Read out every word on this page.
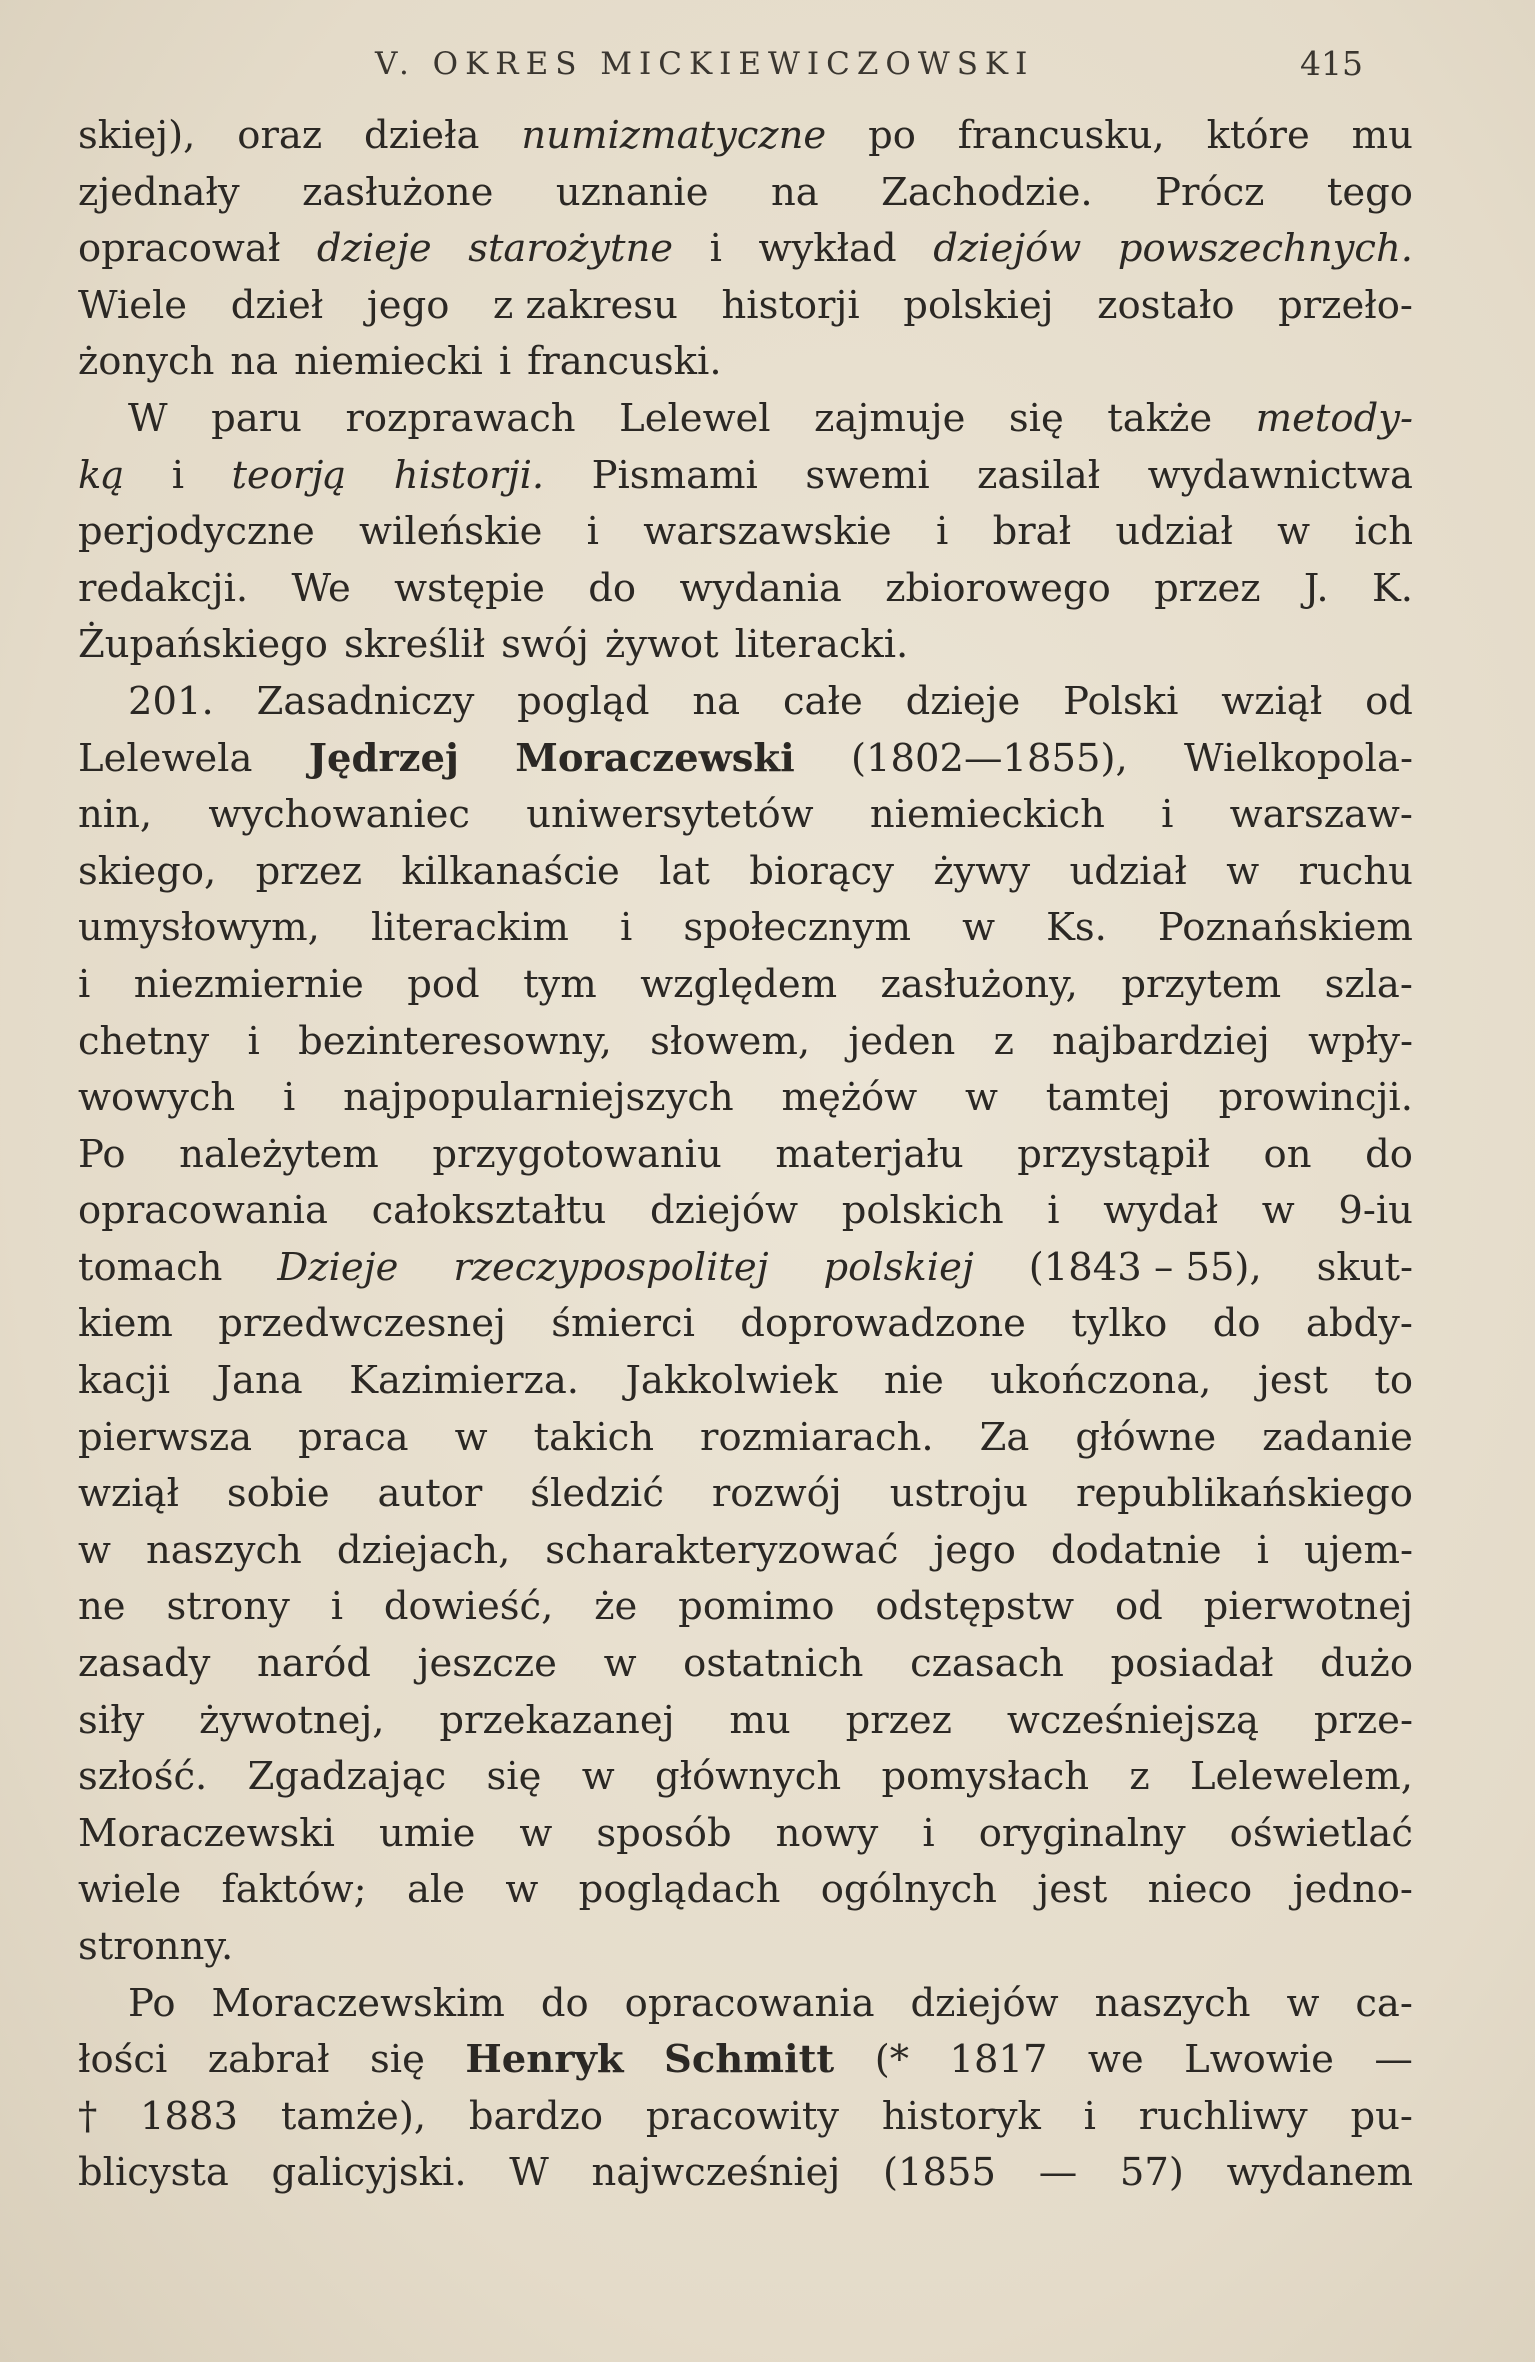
V. OKRES MICKIEWICZOWSKI	415
skiej), oraz dzieła numizmatyczne po francusku, które mu
zjednały zasłużone uznanie na Zachodzie. Prócz tego
opracował dzieje starożytne i wykład dziejów powszechnych.
Wiele dzieł jego z zakresu historji polskiej zostało przeło-
żonych na niemiecki i francuski.
W paru rozprawach Lelewel zajmuje się także metody-
ką i teorją historji. Pismami swemi zasilał wydawnictwa
perjodyczne wileńskie i warszawskie i brał udział w ich
redakcji. We wstępie do wydania zbiorowego przez J. K.
Żupańskiego skreślił swój żywot literacki.
201. Zasadniczy pogląd na całe dzieje Polski wziął od
Lelewela Jędrzej Moraczewski (1802—1855), Wielkopola-
nin, wychowaniec uniwersytetów niemieckich i warszaw-
skiego, przez kilkanaście lat biorący żywy udział w ruchu
umysłowym, literackim i społecznym w Ks. Poznańskiem
i niezmiernie pod tym względem zasłużony, przytem szla-
chetny i bezinteresowny, słowem, jeden z najbardziej wpły-
wowych i najpopularniejszych mężów w tamtej prowincji.
Po należytem przygotowaniu materjału przystąpił on do
opracowania całokształtu dziejów polskich i wydał w 9-iu
tomach Dzieje rzeczypospolitej polskiej (1843 – 55), skut-
kiem przedwczesnej śmierci doprowadzone tylko do abdy-
kacji Jana Kazimierza. Jakkolwiek nie ukończona, jest to
pierwsza praca w takich rozmiarach. Za główne zadanie
wziął sobie autor śledzić rozwój ustroju republikańskiego
w naszych dziejach, scharakteryzować jego dodatnie i ujem-
ne strony i dowieść, że pomimo odstępstw od pierwotnej
zasady naród jeszcze w ostatnich czasach posiadał dużo
siły żywotnej, przekazanej mu przez wcześniejszą prze-
szłość. Zgadzając się w głównych pomysłach z Lelewelem,
Moraczewski umie w sposób nowy i oryginalny oświetlać
wiele faktów; ale w poglądach ogólnych jest nieco jedno-
stronny.
Po Moraczewskim do opracowania dziejów naszych w ca-
łości zabrał się Henryk Schmitt (* 1817 we Lwowie —
† 1883 tamże), bardzo pracowity historyk i ruchliwy pu-
blicysta galicyjski. W najwcześniej (1855 — 57) wydanem
